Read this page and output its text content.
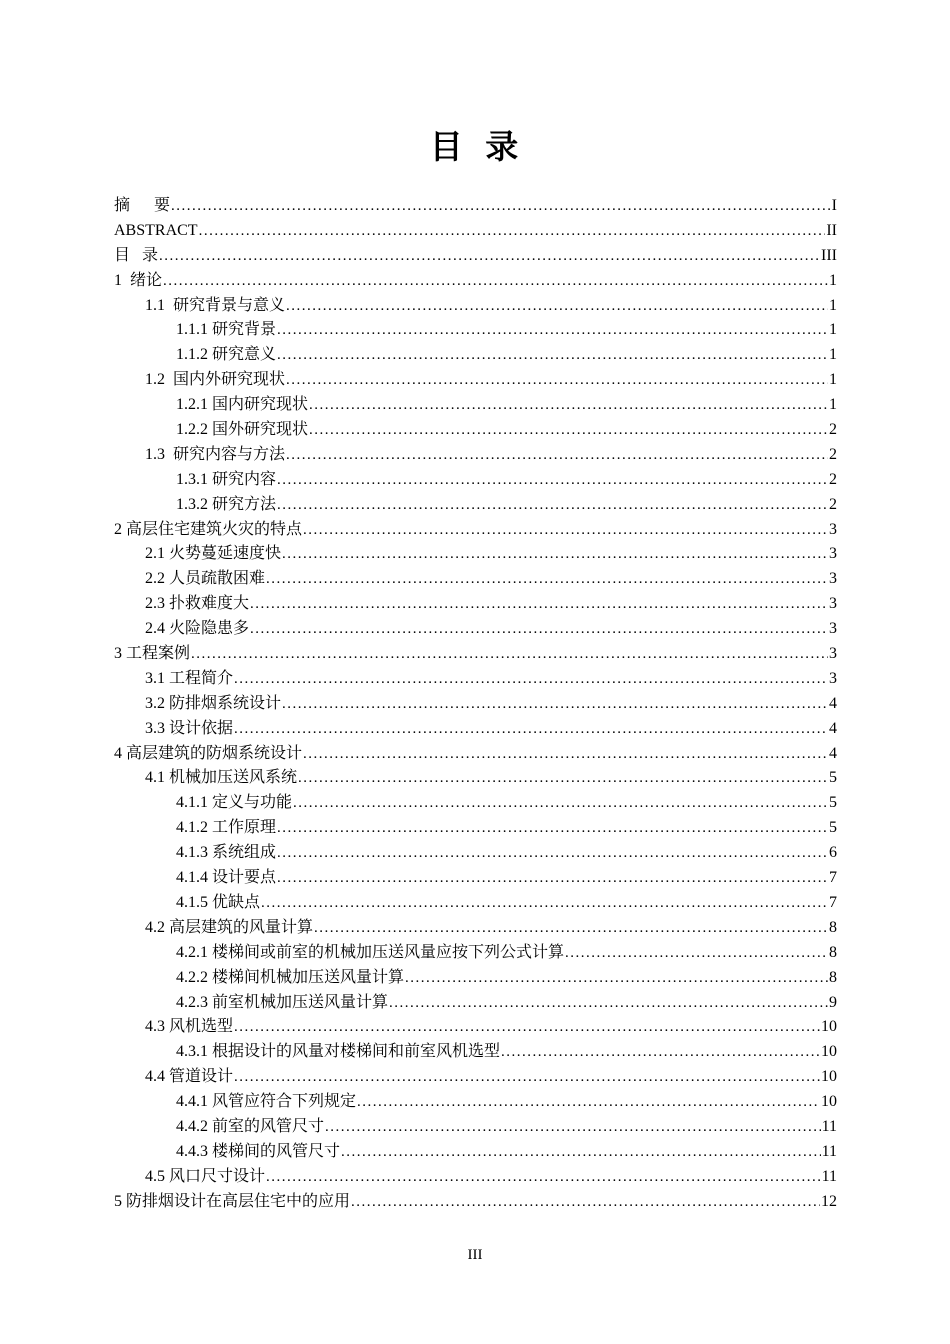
目  录
摘      要 .....	I
ABSTRACT .....	II
目   录 .....	III
1  绪论 .....	1
1.1  研究背景与意义 .....	1
1.1.1 研究背景 .....	1
1.1.2 研究意义 .....	1
1.2  国内外研究现状 .....	1
1.2.1 国内研究现状 .....	1
1.2.2 国外研究现状 .....	2
1.3  研究内容与方法 .....	2
1.3.1 研究内容 .....	2
1.3.2 研究方法 .....	2
2 高层住宅建筑火灾的特点 .....	3
2.1 火势蔓延速度快 .....	3
2.2 人员疏散困难 .....	3
2.3 扑救难度大 .....	3
2.4 火险隐患多 .....	3
3 工程案例 .....	3
3.1 工程简介 .....	3
3.2 防排烟系统设计 .....	4
3.3 设计依据 .....	4
4 高层建筑的防烟系统设计 .....	4
4.1 机械加压送风系统 .....	5
4.1.1 定义与功能 .....	5
4.1.2 工作原理 .....	5
4.1.3 系统组成 .....	6
4.1.4 设计要点 .....	7
4.1.5 优缺点 .....	7
4.2 高层建筑的风量计算 .....	8
4.2.1 楼梯间或前室的机械加压送风量应按下列公式计算 .....	8
4.2.2 楼梯间机械加压送风量计算 .....	8
4.2.3 前室机械加压送风量计算 .....	9
4.3 风机选型 .....	10
4.3.1 根据设计的风量对楼梯间和前室风机选型 .....	10
4.4 管道设计 .....	10
4.4.1 风管应符合下列规定 .....	10
4.4.2 前室的风管尺寸 .....	11
4.4.3 楼梯间的风管尺寸 .....	11
4.5 风口尺寸设计 .....	11
5 防排烟设计在高层住宅中的应用 .....	12
III
